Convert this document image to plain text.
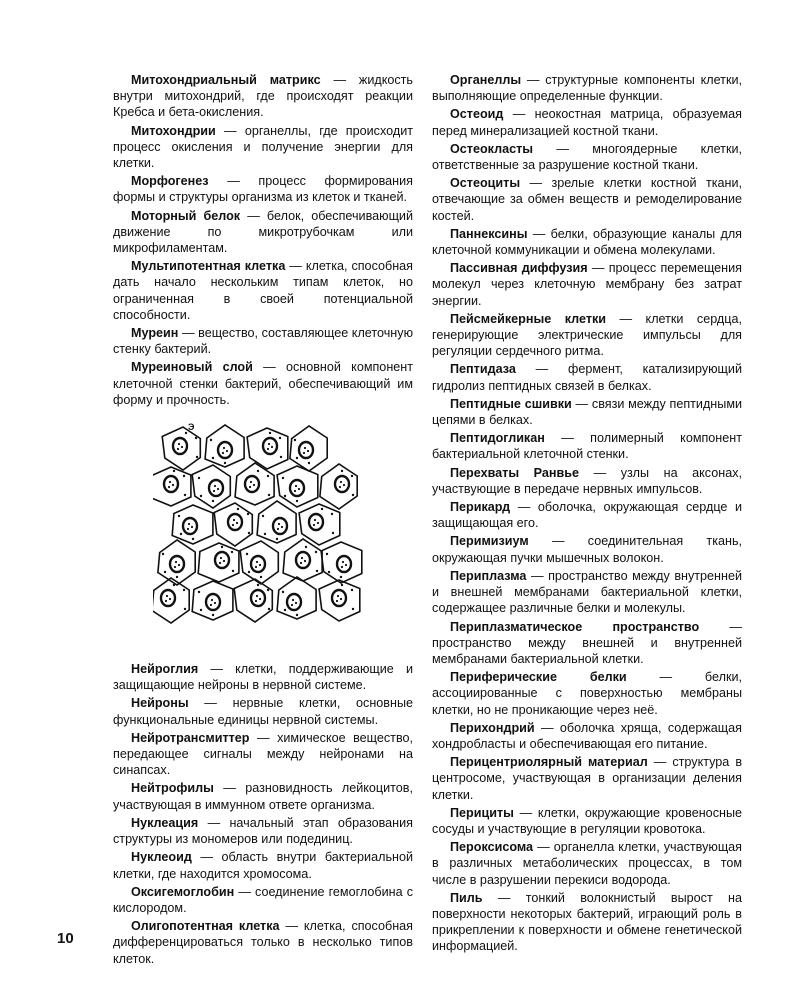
Митохондриальный матрикс — жидкость внутри митохондрий, где происходят реакции Кребса и бета-окисления.

Митохондрии — органеллы, где происходит процесс окисления и получение энергии для клетки.

Морфогенез — процесс формирования формы и структуры организма из клеток и тканей.

Моторный белок — белок, обеспечивающий движение по микротрубочкам или микрофиламентам.

Мультипотентная клетка — клетка, способная дать начало нескольким типам клеток, но ограниченная в своей потенциальной способности.

Муреин — вещество, составляющее клеточную стенку бактерий.

Муреиновый слой — основной компонент клеточной стенки бактерий, обеспечивающий им форму и прочность.

Э

Нейроглия — клетки, поддерживающие и защищающие нейроны в нервной системе.

Нейроны — нервные клетки, основные функциональные единицы нервной системы.

Нейротрансмиттер — химическое вещество, передающее сигналы между нейронами на синапсах.

Нейтрофилы — разновидность лейкоцитов, участвующая в иммунном ответе организма.

Нуклеация — начальный этап образования структуры из мономеров или подединиц.

Нуклеоид — область внутри бактериальной клетки, где находится хромосома.

Оксигемоглобин — соединение гемоглобина с кислородом.

Олигопотентная клетка — клетка, способная дифференцироваться только в несколько типов клеток.

Органеллы — структурные компоненты клетки, выполняющие определенные функции.

Остеоид — неокостная матрица, образуемая перед минерализацией костной ткани.

Остеокласты — многоядерные клетки, ответственные за разрушение костной ткани.

Остеоциты — зрелые клетки костной ткани, отвечающие за обмен веществ и ремоделирование костей.

Паннексины — белки, образующие каналы для клеточной коммуникации и обмена молекулами.

Пассивная диффузия — процесс перемещения молекул через клеточную мембрану без затрат энергии.

Пейсмейкерные клетки — клетки сердца, генерирующие электрические импульсы для регуляции сердечного ритма.

Пептидаза — фермент, катализирующий гидролиз пептидных связей в белках.

Пептидные сшивки — связи между пептидными цепями в белках.

Пептидогликан — полимерный компонент бактериальной клеточной стенки.

Перехваты Ранвье — узлы на аксонах, участвующие в передаче нервных импульсов.

Перикард — оболочка, окружающая сердце и защищающая его.

Перимизиум — соединительная ткань, окружающая пучки мышечных волокон.

Периплазма — пространство между внутренней и внешней мембранами бактериальной клетки, содержащее различные белки и молекулы.

Периплазматическое пространство — пространство между внешней и внутренней мембранами бактериальной клетки.

Периферические белки	— белки, ассоциированные с поверхностью мембраны клетки, но не проникающие через неё.

Перихондрий — оболочка хряща, содержащая хондробласты и обеспечивающая его питание.

Перицентриолярный материал — структура в центросоме, участвующая в организации деления клетки.

Перициты — клетки, окружающие кровеносные сосуды и участвующие в регуляции кровотока.

Пероксисома — органелла клетки, участвующая в различных метаболических процессах, в том числе в разрушении перекиси водорода.

Пиль — тонкий волокнистый вырост на поверхности некоторых бактерий, играющий роль в прикреплении к поверхности и обмене генетической информацией.

10
